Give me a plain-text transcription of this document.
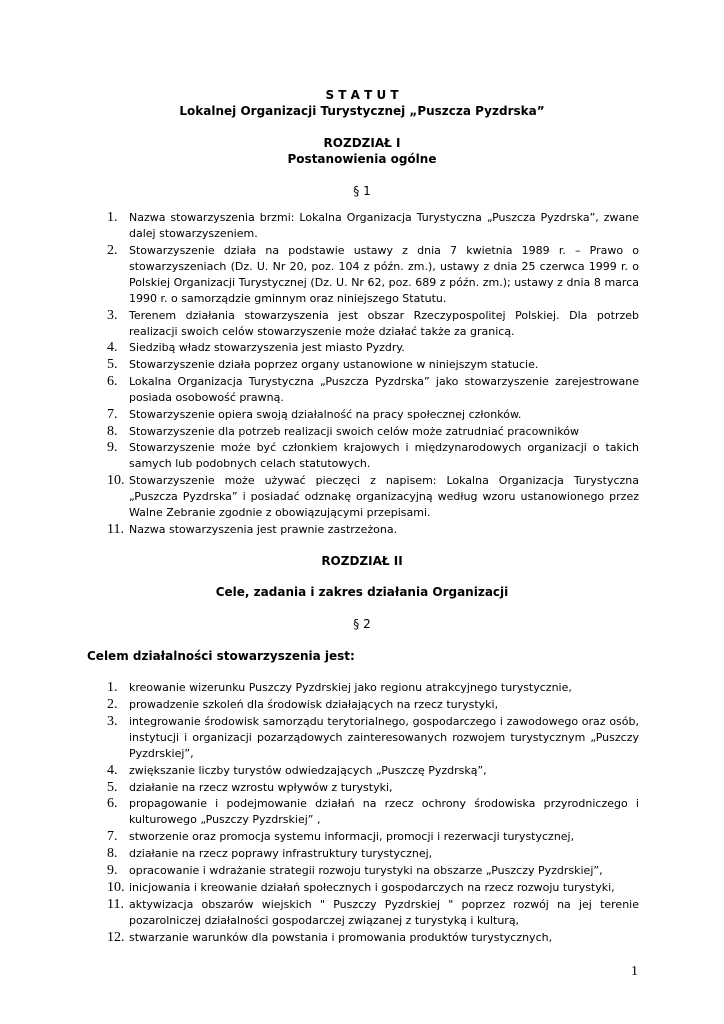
S T A T U T
Lokalnej Organizacji Turystycznej „Puszcza Pyzdrska”
ROZDZIAŁ I
Postanowienia ogólne
§ 1
1. Nazwa stowarzyszenia brzmi: Lokalna Organizacja Turystyczna „Puszcza Pyzdrska”, zwane dalej stowarzyszeniem.
2. Stowarzyszenie działa na podstawie ustawy z dnia 7 kwietnia 1989 r. – Prawo o stowarzyszeniach (Dz. U. Nr 20, poz. 104 z późn. zm.), ustawy z dnia 25 czerwca 1999 r. o Polskiej Organizacji Turystycznej (Dz. U. Nr 62, poz. 689 z późn. zm.); ustawy z dnia 8 marca 1990 r. o samorządzie gminnym oraz niniejszego Statutu.
3. Terenem działania stowarzyszenia jest obszar Rzeczypospolitej Polskiej. Dla potrzeb realizacji swoich celów stowarzyszenie może działać także za granicą.
4. Siedzibą władz stowarzyszenia jest miasto Pyzdry.
5. Stowarzyszenie działa poprzez organy ustanowione w niniejszym statucie.
6. Lokalna Organizacja Turystyczna „Puszcza Pyzdrska” jako stowarzyszenie zarejestrowane posiada osobowość prawną.
7. Stowarzyszenie opiera swoją działalność na pracy społecznej członków.
8. Stowarzyszenie dla potrzeb realizacji swoich celów może zatrudniać pracowników
9. Stowarzyszenie może być członkiem krajowych i międzynarodowych organizacji o takich samych lub podobnych celach statutowych.
10. Stowarzyszenie może używać pieczęci z napisem: Lokalna Organizacja Turystyczna „Puszcza Pyzdrska” i posiadać odznakę organizacyjną według wzoru ustanowionego przez Walne Zebranie zgodnie z obowiązującymi przepisami.
11. Nazwa stowarzyszenia jest prawnie zastrzeżona.
ROZDZIAŁ II
Cele, zadania i zakres działania Organizacji
§ 2
Celem działalności stowarzyszenia jest:
1. kreowanie wizerunku Puszczy Pyzdrskiej jako regionu atrakcyjnego turystycznie,
2. prowadzenie szkoleń dla środowisk działających na rzecz turystyki,
3. integrowanie środowisk samorządu terytorialnego, gospodarczego i zawodowego oraz osób, instytucji i organizacji pozarządowych zainteresowanych rozwojem turystycznym „Puszczy Pyzdrskiej”,
4. zwiększanie liczby turystów odwiedzających „Puszczę Pyzdrską”,
5. działanie na rzecz wzrostu wpływów z turystyki,
6. propagowanie i podejmowanie działań na rzecz ochrony środowiska przyrodniczego i kulturowego „Puszczy Pyzdrskiej” ,
7. stworzenie oraz promocja systemu informacji, promocji i rezerwacji turystycznej,
8. działanie na rzecz poprawy infrastruktury turystycznej,
9. opracowanie i wdrażanie strategii rozwoju turystyki na obszarze „Puszczy Pyzdrskiej”,
10. inicjowania i kreowanie działań społecznych i gospodarczych na rzecz rozwoju turystyki,
11. aktywizacja obszarów wiejskich " Puszczy Pyzdrskiej " poprzez rozwój na jej terenie pozarolniczej działalności gospodarczej związanej z turystyką i kulturą,
12. stwarzanie warunków dla powstania i promowania produktów turystycznych,
1
